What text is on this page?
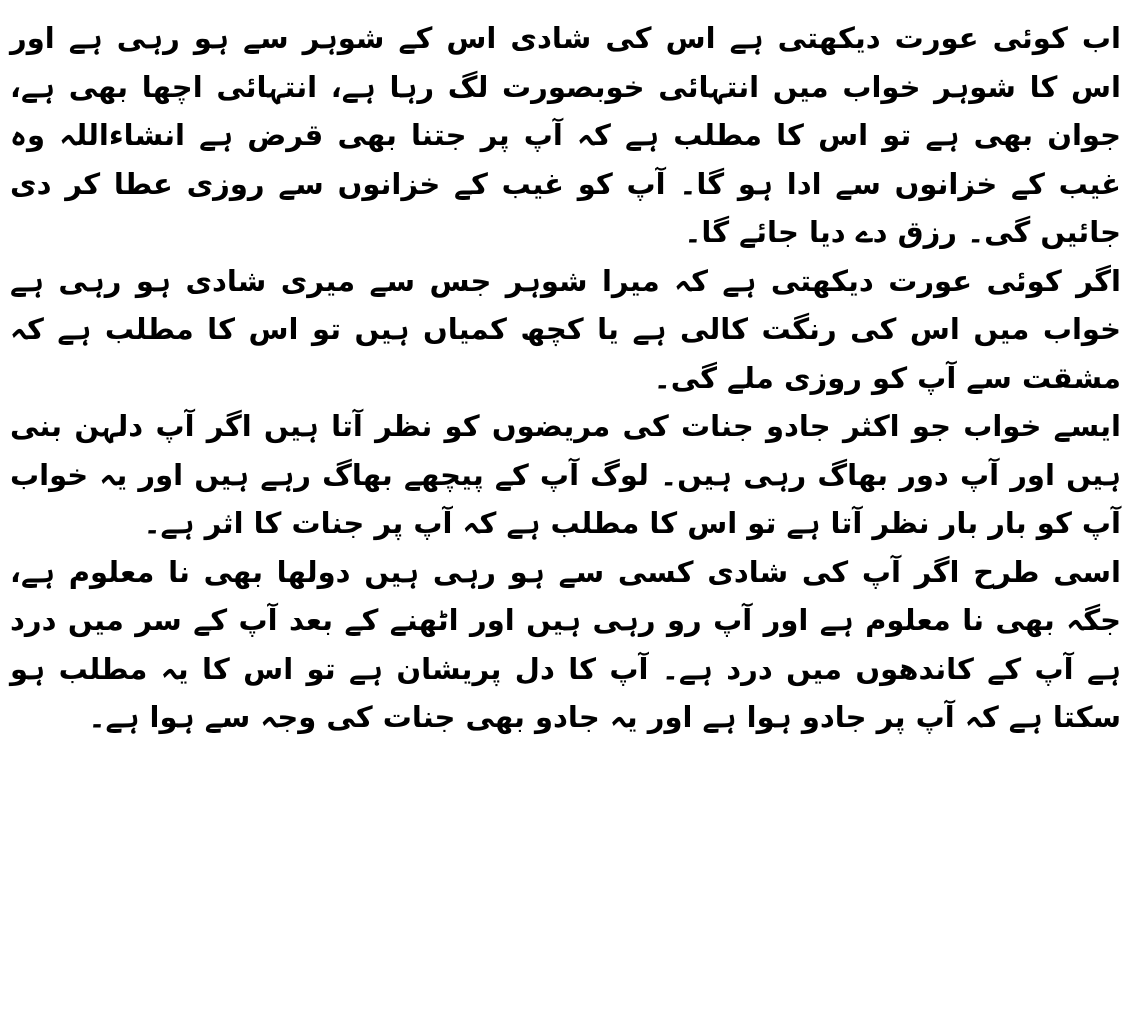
اب کوئی عورت دیکھتی ہے اس کی شادی اس کے شوہر سے ہو رہی ہے اور اس کا شوہر خواب میں انتہائی خوبصورت لگ رہا ہے، انتہائی اچھا بھی ہے، جوان بھی ہے تو اس کا مطلب ہے کہ آپ پر جتنا بھی قرض ہے انشاءاللہ وہ غیب کے خزانوں سے ادا ہو گا۔ آپ کو غیب کے خزانوں سے روزی عطا کر دی جائیں گی۔ رزق دے دیا جائے گا۔

اگر کوئی عورت دیکھتی ہے کہ میرا شوہر جس سے میری شادی ہو رہی ہے خواب میں اس کی رنگت کالی ہے یا کچھ کمیاں ہیں تو اس کا مطلب ہے کہ مشقت سے آپ کو روزی ملے گی۔

ایسے خواب جو اکثر جادو جنات کی مریضوں کو نظر آتا ہیں اگر آپ دلہن بنی ہیں اور آپ دور بھاگ رہی ہیں۔ لوگ آپ کے پیچھے بھاگ رہے ہیں اور یہ خواب آپ کو بار بار نظر آتا ہے تو اس کا مطلب ہے کہ آپ پر جنات کا اثر ہے۔

اسی طرح اگر آپ کی شادی کسی سے ہو رہی ہیں دولھا بھی نا معلوم ہے، جگہ بھی نا معلوم ہے اور آپ رو رہی ہیں اور اٹھنے کے بعد آپ کے سر میں درد ہے آپ کے کاندھوں میں درد ہے۔ آپ کا دل پریشان ہے تو اس کا یہ مطلب ہو سکتا ہے کہ آپ پر جادو ہوا ہے اور یہ جادو بھی جنات کی وجہ سے ہوا ہے۔
